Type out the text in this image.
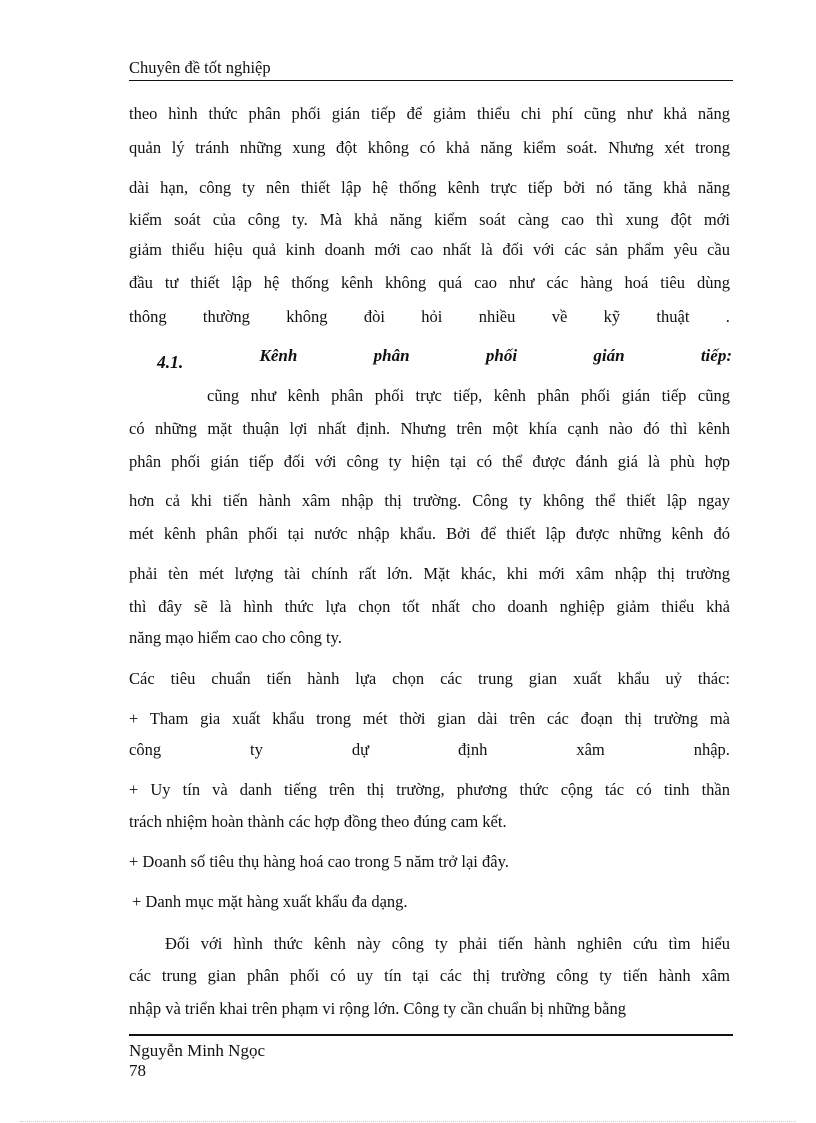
Chuyên đề tốt nghiệp
theo hình thức phân phối gián tiếp để giảm thiểu chi phí cũng như khả năng
quản lý tránh những xung đột không có khả năng kiểm soát. Nhưng xét trong
dài hạn, công ty nên thiết lập hệ thống kênh trực tiếp bởi nó tăng khả năng
kiểm soát của công ty. Mà khả năng kiểm soát càng cao thì xung đột mới
giảm thiểu hiệu quả kinh doanh mới cao nhất là đối với các sản phẩm yêu cầu
đầu tư thiết lập hệ thống kênh không quá cao như các hàng hoá tiêu dùng
thông thường không đòi hỏi nhiều về kỹ thuật .
4.1.	Kênh	phân	phối	gián	tiếp:
cũng như kênh phân phối trực tiếp, kênh phân phối gián tiếp cũng
có những mặt thuận lợi nhất định. Nhưng trên một khía cạnh nào đó thì kênh
phân phối gián tiếp đối với công ty hiện tại có thể được đánh giá là phù hợp
hơn cả khi tiến hành xâm nhập thị trường. Công ty không thể thiết lập ngay
mét kênh phân phối tại nước nhập khẩu. Bởi để thiết lập được những kênh đó
phải tèn mét lượng tài chính rất lớn. Mặt khác, khi mới xâm nhập thị trường
thì đây sẽ là hình thức lựa chọn tốt nhất cho doanh nghiệp giảm thiểu khả
năng mạo hiểm cao cho công ty.
Các tiêu chuẩn tiến hành lựa chọn các trung gian xuất khẩu uỷ thác:
+ Tham gia xuất khẩu trong mét thời gian dài trên các đoạn thị trường mà
công	ty	dự	định	xâm	nhập.
+ Uy tín và danh tiếng trên thị trường, phương thức cộng tác có tinh thần
trách nhiệm hoàn thành các hợp đồng theo đúng cam kết.
+ Doanh số tiêu thụ hàng hoá cao trong 5 năm trở lại đây.
+ Danh mục mặt hàng xuất khẩu đa dạng.
Đối với hình thức kênh này công ty phải tiến hành nghiên cứu tìm hiểu
các trung gian phân phối có uy tín tại các thị trường công ty tiến hành xâm
nhập và triển khai trên phạm vi rộng lớn. Công ty cần chuẩn bị những bằng
Nguyễn Minh Ngọc
78
